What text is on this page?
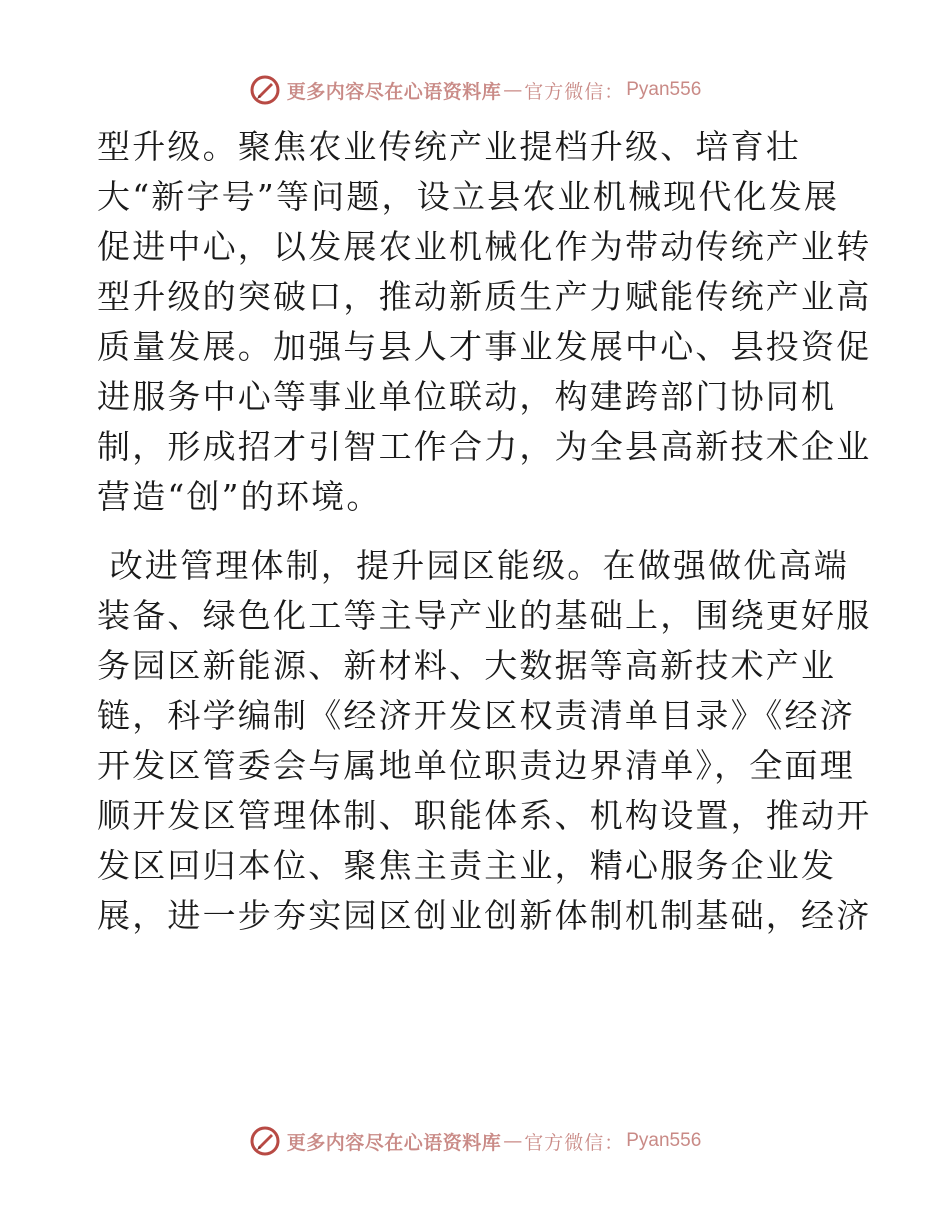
更多内容尽在心语资料库 — 官方微信： Pyan556
型升级。聚焦农业传统产业提档升级、培育壮
大“新字号”等问题，设立县农业机械现代化发展
促进中心，以发展农业机械化作为带动传统产业转
型升级的突破口，推动新质生产力赋能传统产业高
质量发展。加强与县人才事业发展中心、县投资促
进服务中心等事业单位联动，构建跨部门协同机
制，形成招才引智工作合力，为全县高新技术企业
营造“创”的环境。
改进管理体制，提升园区能级。在做强做优高端
装备、绿色化工等主导产业的基础上，围绕更好服
务园区新能源、新材料、大数据等高新技术产业
链，科学编制《经济开发区权责清单目录》《经济
开发区管委会与属地单位职责边界清单》，全面理
顺开发区管理体制、职能体系、机构设置，推动开
发区回归本位、聚焦主责主业，精心服务企业发
展，进一步夯实园区创业创新体制机制基础，经济
更多内容尽在心语资料库 — 官方微信： Pyan556
